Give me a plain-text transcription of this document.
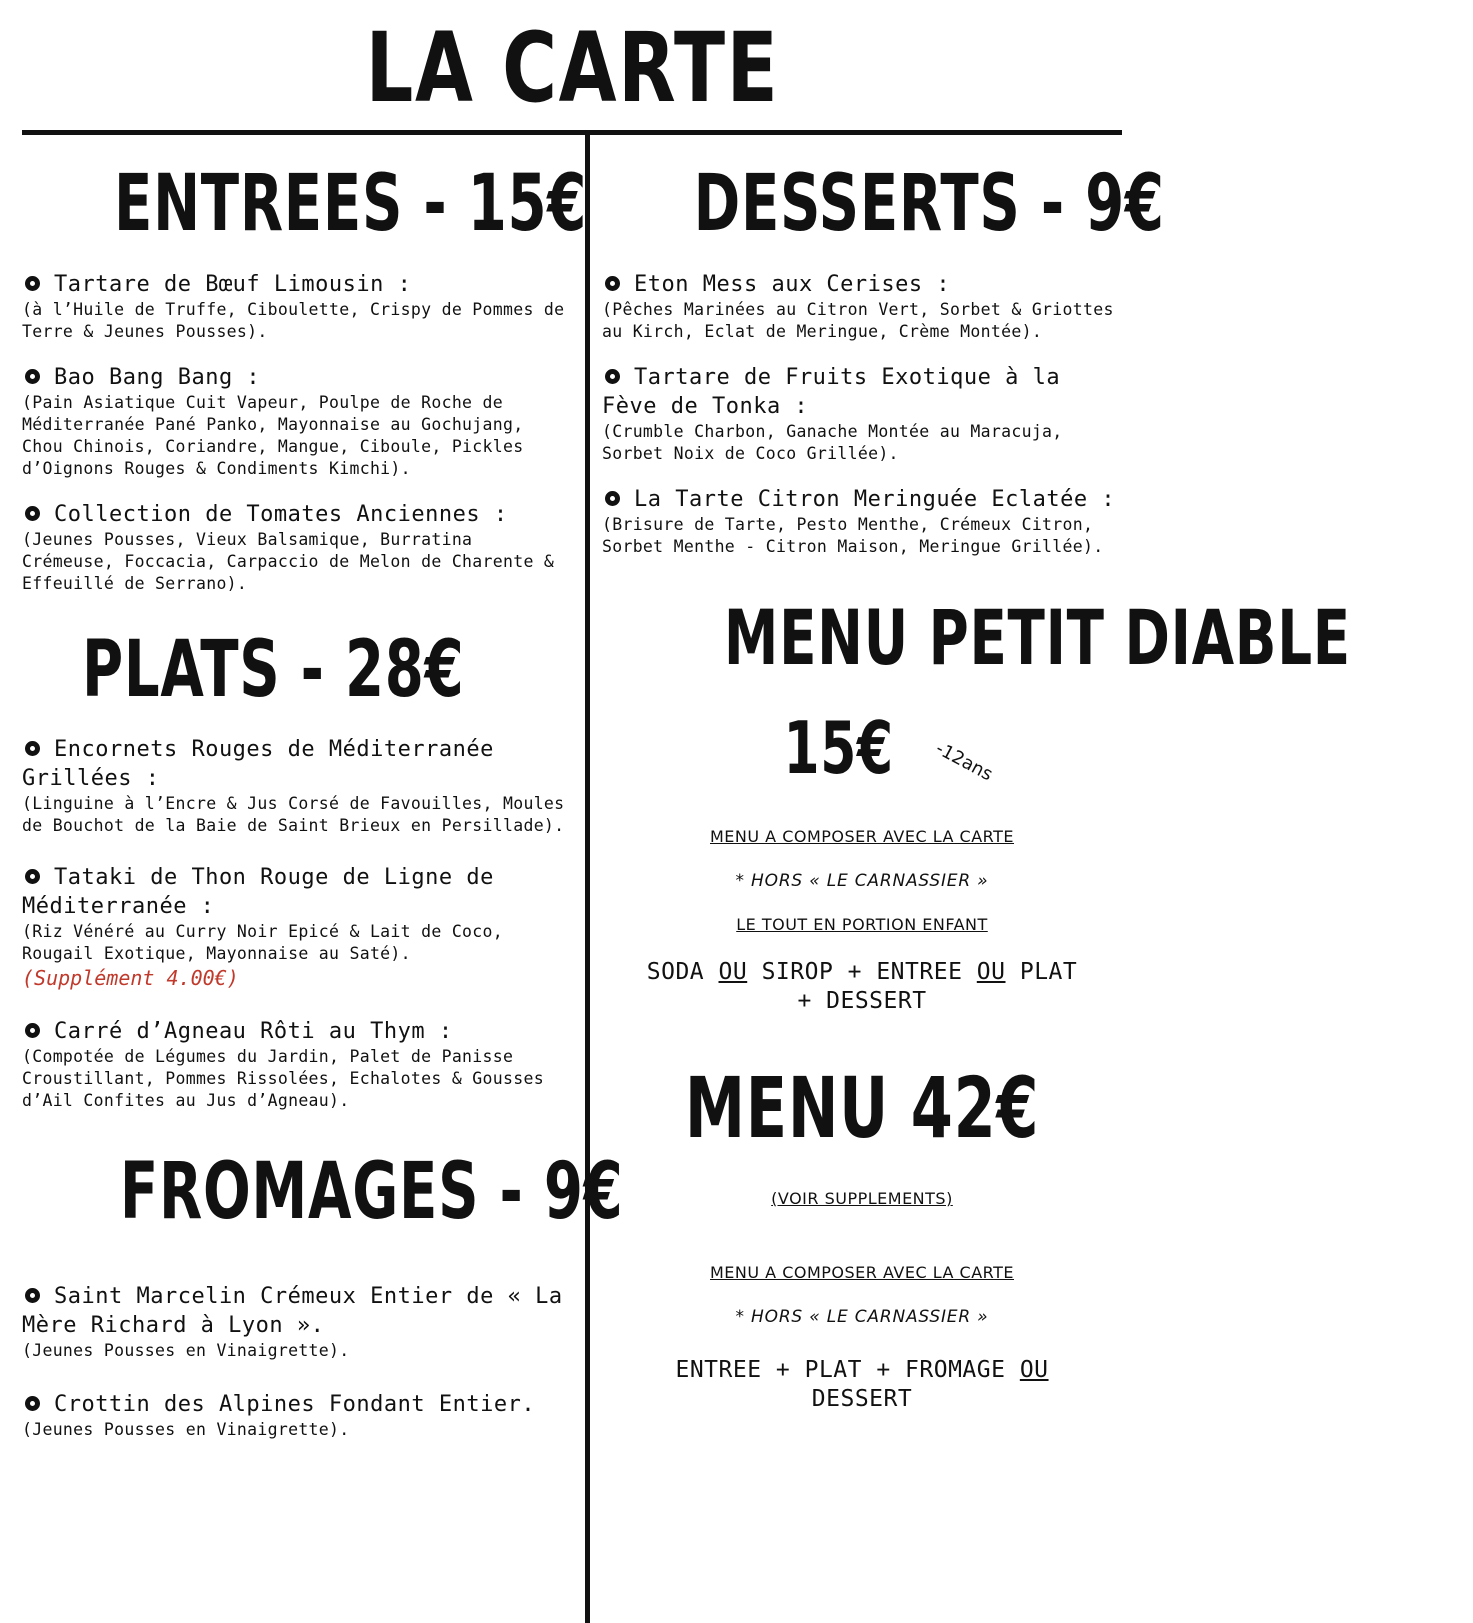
LA CARTE
ENTREES - 15€
Tartare de Bœuf Limousin :
(à l’Huile de Truffe, Ciboulette, Crispy de Pommes de Terre & Jeunes Pousses).
Bao Bang Bang :
(Pain Asiatique Cuit Vapeur, Poulpe de Roche de Méditerranée Pané Panko, Mayonnaise au Gochujang, Chou Chinois, Coriandre, Mangue, Ciboule, Pickles d’Oignons Rouges & Condiments Kimchi).
Collection de Tomates Anciennes :
(Jeunes Pousses, Vieux Balsamique, Burratina Crémeuse, Foccacia, Carpaccio de Melon de Charente & Effeuillé de Serrano).
PLATS - 28€
Encornets Rouges de Méditerranée Grillées :
(Linguine à l’Encre & Jus Corsé de Favouilles, Moules de Bouchot de la Baie de Saint Brieux en Persillade).
Tataki de Thon Rouge de Ligne de Méditerranée :
(Riz Vénéré au Curry Noir Epicé & Lait de Coco, Rougail Exotique, Mayonnaise au Saté).
(Supplément 4.00€)
Carré d’Agneau Rôti au Thym :
(Compotée de Légumes du Jardin, Palet de Panisse Croustillant, Pommes Rissolées, Echalotes & Gousses d’Ail Confites au Jus d’Agneau).
FROMAGES - 9€
Saint Marcelin Crémeux Entier de « La Mère Richard à Lyon ».
(Jeunes Pousses en Vinaigrette).
Crottin des Alpines Fondant Entier.
(Jeunes Pousses en Vinaigrette).
DESSERTS - 9€
Eton Mess aux Cerises :
(Pêches Marinées au Citron Vert, Sorbet & Griottes au Kirch, Eclat de Meringue, Crème Montée).
Tartare de Fruits Exotique à la Fève de Tonka :
(Crumble Charbon, Ganache Montée au Maracuja, Sorbet Noix de Coco Grillée).
La Tarte Citron Meringuée Eclatée :
(Brisure de Tarte, Pesto Menthe, Crémeux Citron, Sorbet Menthe - Citron Maison, Meringue Grillée).
MENU PETIT DIABLE
15€	-12ans
MENU A COMPOSER AVEC LA CARTE
* HORS « LE CARNASSIER »
LE TOUT EN PORTION ENFANT
SODA OU SIROP + ENTREE OU PLAT
+ DESSERT
MENU 42€
(VOIR SUPPLEMENTS)
MENU A COMPOSER AVEC LA CARTE
* HORS « LE CARNASSIER »
ENTREE + PLAT + FROMAGE OU
DESSERT
